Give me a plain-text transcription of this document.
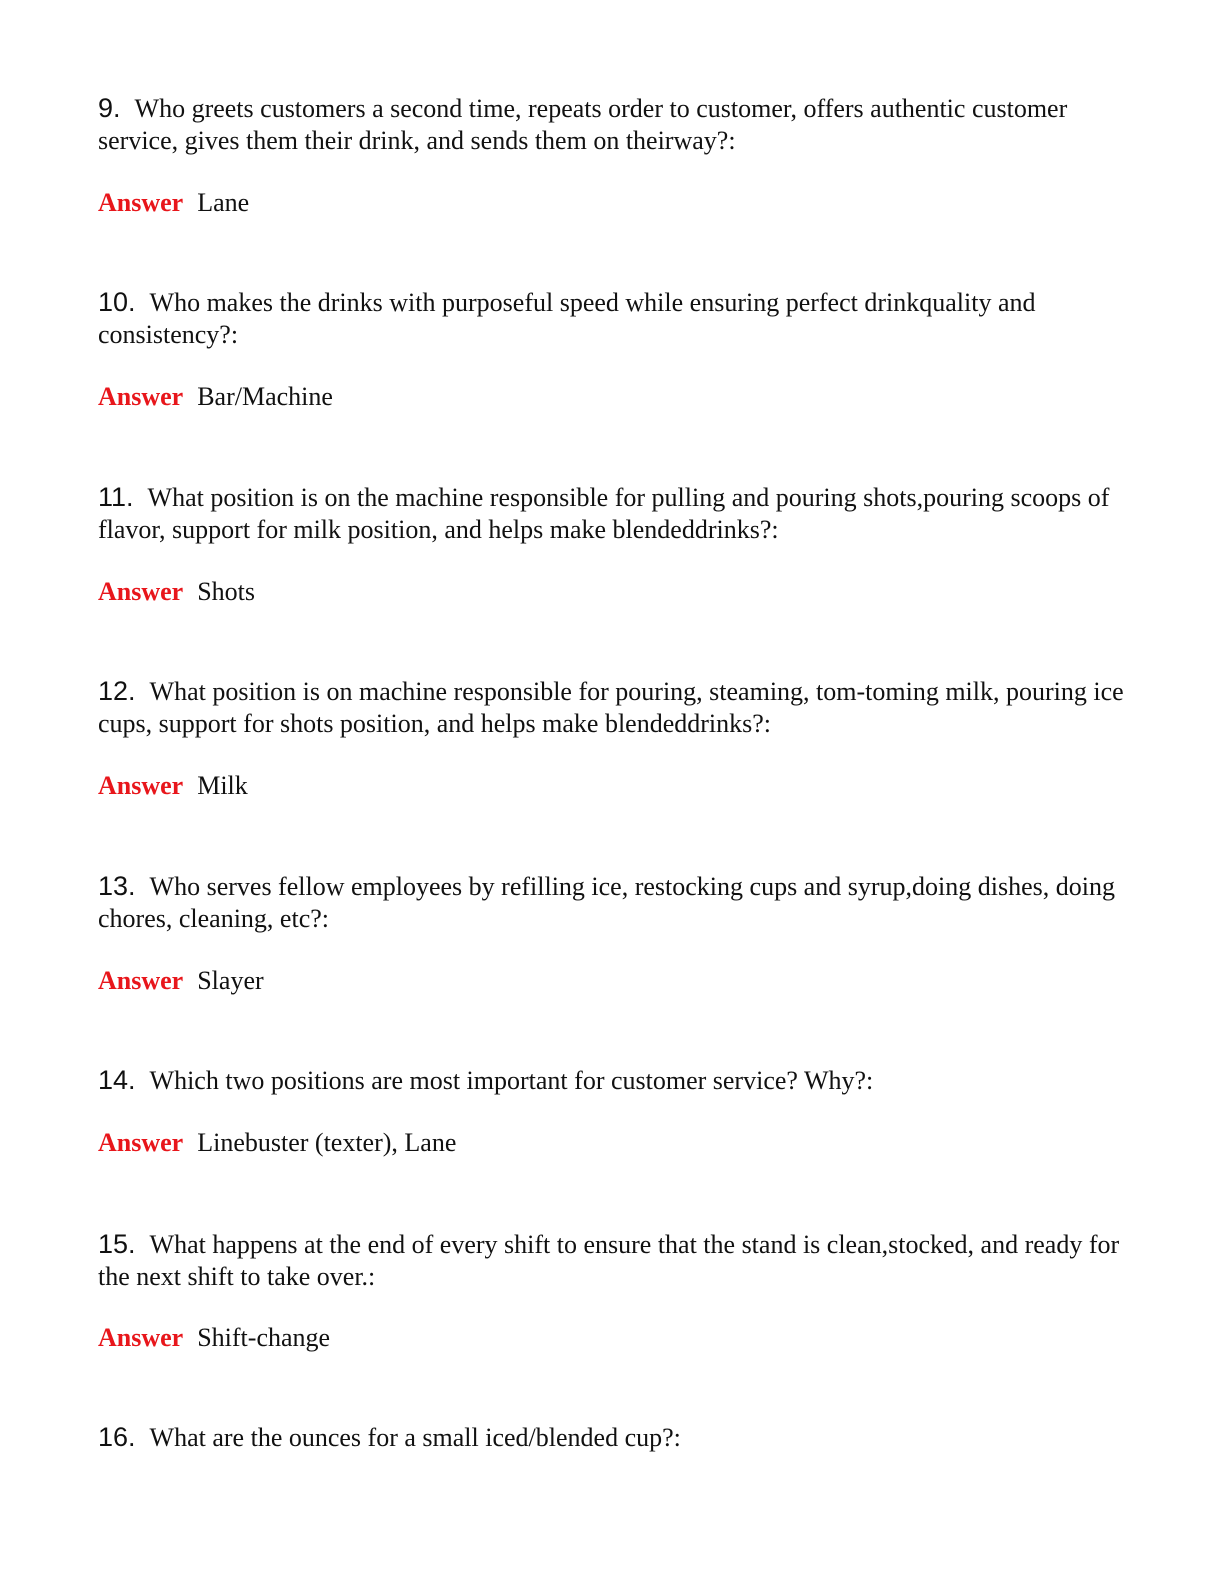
9. Who greets customers a second time, repeats order to customer, offers authentic customer service, gives them their drink, and sends them on theirway?:

Answer Lane

10. Who makes the drinks with purposeful speed while ensuring perfect drinkquality and consistency?:

Answer Bar/Machine

11. What position is on the machine responsible for pulling and pouring shots,pouring scoops of flavor, support for milk position, and helps make blendeddrinks?:

Answer Shots

12. What position is on machine responsible for pouring, steaming, tom-toming milk, pouring ice cups, support for shots position, and helps make blendeddrinks?:

Answer Milk

13. Who serves fellow employees by refilling ice, restocking cups and syrup,doing dishes, doing chores, cleaning, etc?:

Answer Slayer

14. Which two positions are most important for customer service? Why?:

Answer Linebuster (texter), Lane

15. What happens at the end of every shift to ensure that the stand is clean,stocked, and ready for the next shift to take over.:

Answer Shift-change

16. What are the ounces for a small iced/blended cup?:
